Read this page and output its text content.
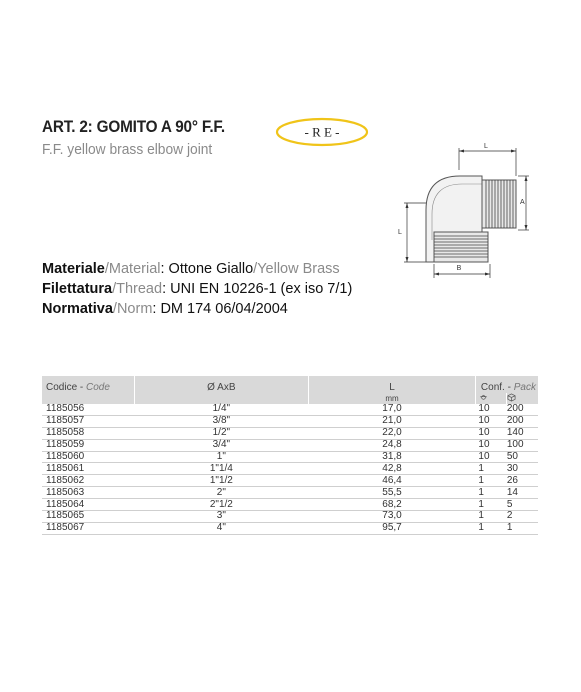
ART. 2: GOMITO A 90° F.F.
F.F. yellow brass elbow joint
- R E -
L
A
L
B
Materiale/Material: Ottone Giallo/Yellow Brass
Filettatura/Thread: UNI EN 10226-1 (ex iso 7/1)
Normativa/Norm: DM 174 06/04/2004
Codice - Code	Ø AxB	L	Conf. - Pack	
		mm		
1185056	1/4"	17,0	10	200
1185057	3/8"	21,0	10	200
1185058	1/2"	22,0	10	140
1185059	3/4"	24,8	10	100
1185060	1"	31,8	10	50
1185061	1"1/4	42,8	1	30
1185062	1"1/2	46,4	1	26
1185063	2"	55,5	1	14
1185064	2"1/2	68,2	1	5
1185065	3"	73,0	1	2
1185067	4"	95,7	1	1
